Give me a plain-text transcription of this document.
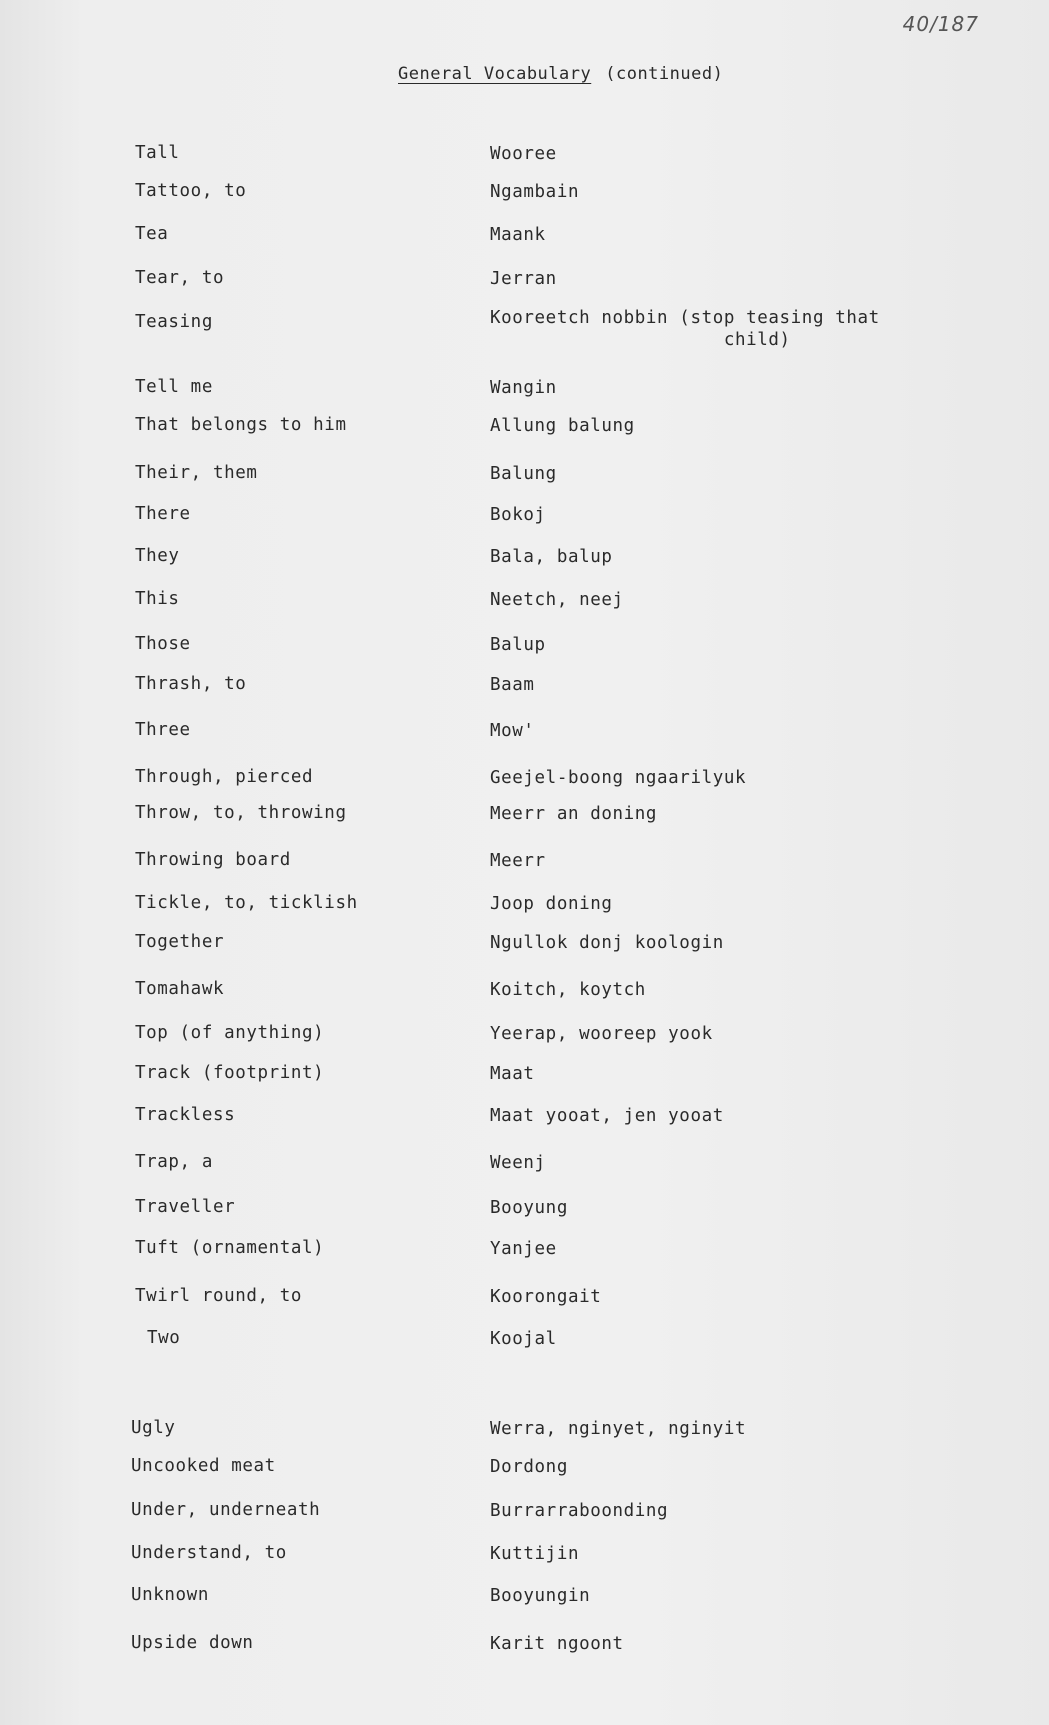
40/187
General Vocabulary (continued)
Tall	Wooree
Tattoo, to	Ngambain
Tea	Maank
Tear, to	Jerran
Teasing	Kooreetch nobbin (stop teasing that
child)
Tell me	Wangin
That belongs to him	Allung balung
Their, them	Balung
There	Bokoj
They	Bala, balup
This	Neetch, neej
Those	Balup
Thrash, to	Baam
Three	Mow'
Through, pierced	Geejel-boong ngaarilyuk
Throw, to, throwing	Meerr an doning
Throwing board	Meerr
Tickle, to, ticklish	Joop doning
Together	Ngullok donj koologin
Tomahawk	Koitch, koytch
Top (of anything)	Yeerap, wooreep yook
Track (footprint)	Maat
Trackless	Maat yooat, jen yooat
Trap, a	Weenj
Traveller	Booyung
Tuft (ornamental)	Yanjee
Twirl round, to	Koorongait
Two	Koojal
Ugly	Werra, nginyet, nginyit
Uncooked meat	Dordong
Under, underneath	Burrarraboonding
Understand, to	Kuttijin
Unknown	Booyungin
Upside down	Karit ngoont
